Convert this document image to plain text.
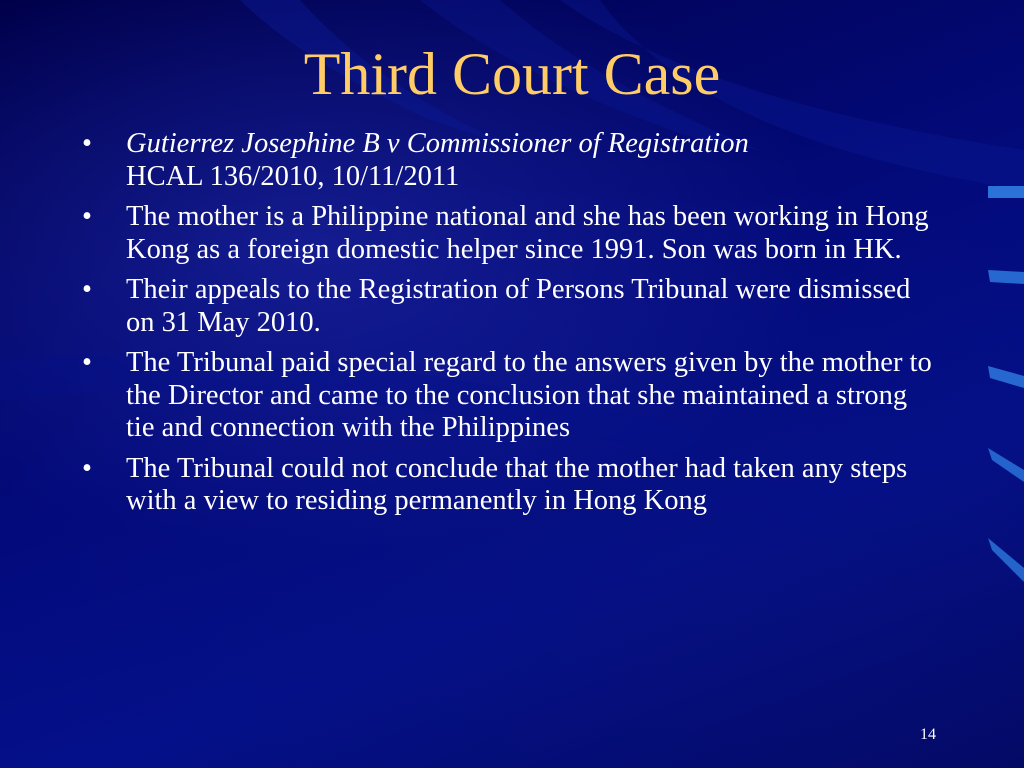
Third Court Case
•	Gutierrez Josephine B v Commissioner of Registration
HCAL 136/2010, 10/11/2011
•	The mother is a Philippine national and she has been working in Hong Kong as a foreign domestic helper since 1991. Son was born in HK.
•	Their appeals to the Registration of Persons Tribunal were dismissed on 31 May 2010.
•	The Tribunal paid special regard to the answers given by the mother to the Director and came to the conclusion that she maintained a strong tie and connection with the Philippines
•	The Tribunal could not conclude that the mother had taken any steps with a view to residing permanently in Hong Kong
14
